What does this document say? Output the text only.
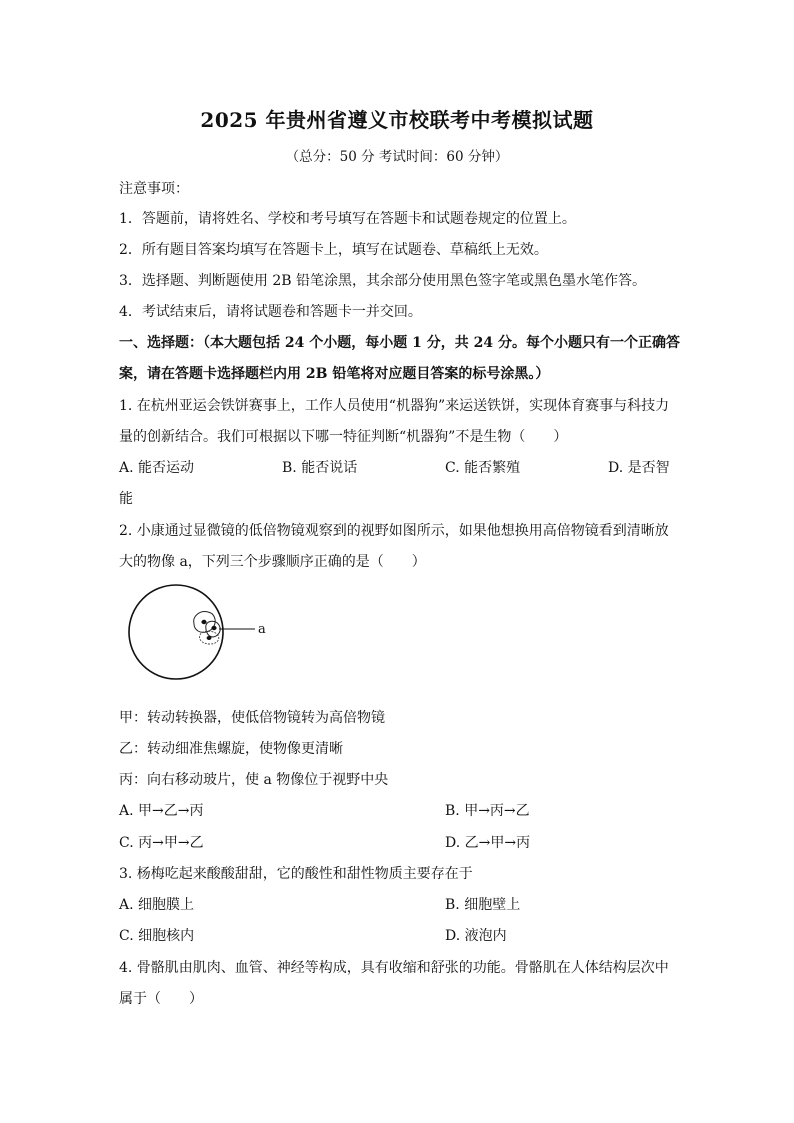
2025 年贵州省遵义市校联考中考模拟试题
（总分：50 分 考试时间：60 分钟）
注意事项：
1．答题前，请将姓名、学校和考号填写在答题卡和试题卷规定的位置上。
2．所有题目答案均填写在答题卡上，填写在试题卷、草稿纸上无效。
3．选择题、判断题使用 2B 铅笔涂黑，其余部分使用黑色签字笔或黑色墨水笔作答。
4．考试结束后，请将试题卷和答题卡一并交回。
一、选择题：（本大题包括 24 个小题，每小题 1 分，共 24 分。每个小题只有一个正确答
案，请在答题卡选择题栏内用 2B 铅笔将对应题目答案的标号涂黑。）
1. 在杭州亚运会铁饼赛事上，工作人员使用“机器狗”来运送铁饼，实现体育赛事与科技力
量的创新结合。我们可根据以下哪一特征判断“机器狗”不是生物（　　）
A. 能否运动	B. 能否说话	C. 能否繁殖	D. 是否智
能
2. 小康通过显微镜的低倍物镜观察到的视野如图所示，如果他想换用高倍物镜看到清晰放
大的物像 a，下列三个步骤顺序正确的是（　　）
a
甲：转动转换器，使低倍物镜转为高倍物镜
乙：转动细准焦螺旋，使物像更清晰
丙：向右移动玻片，使 a 物像位于视野中央
A. 甲→乙→丙	B. 甲→丙→乙
C. 丙→甲→乙	D. 乙→甲→丙
3. 杨梅吃起来酸酸甜甜，它的酸性和甜性物质主要存在于
A. 细胞膜上	B. 细胞壁上
C. 细胞核内	D. 液泡内
4. 骨骼肌由肌肉、血管、神经等构成，具有收缩和舒张的功能。骨骼肌在人体结构层次中
属于（　　）
